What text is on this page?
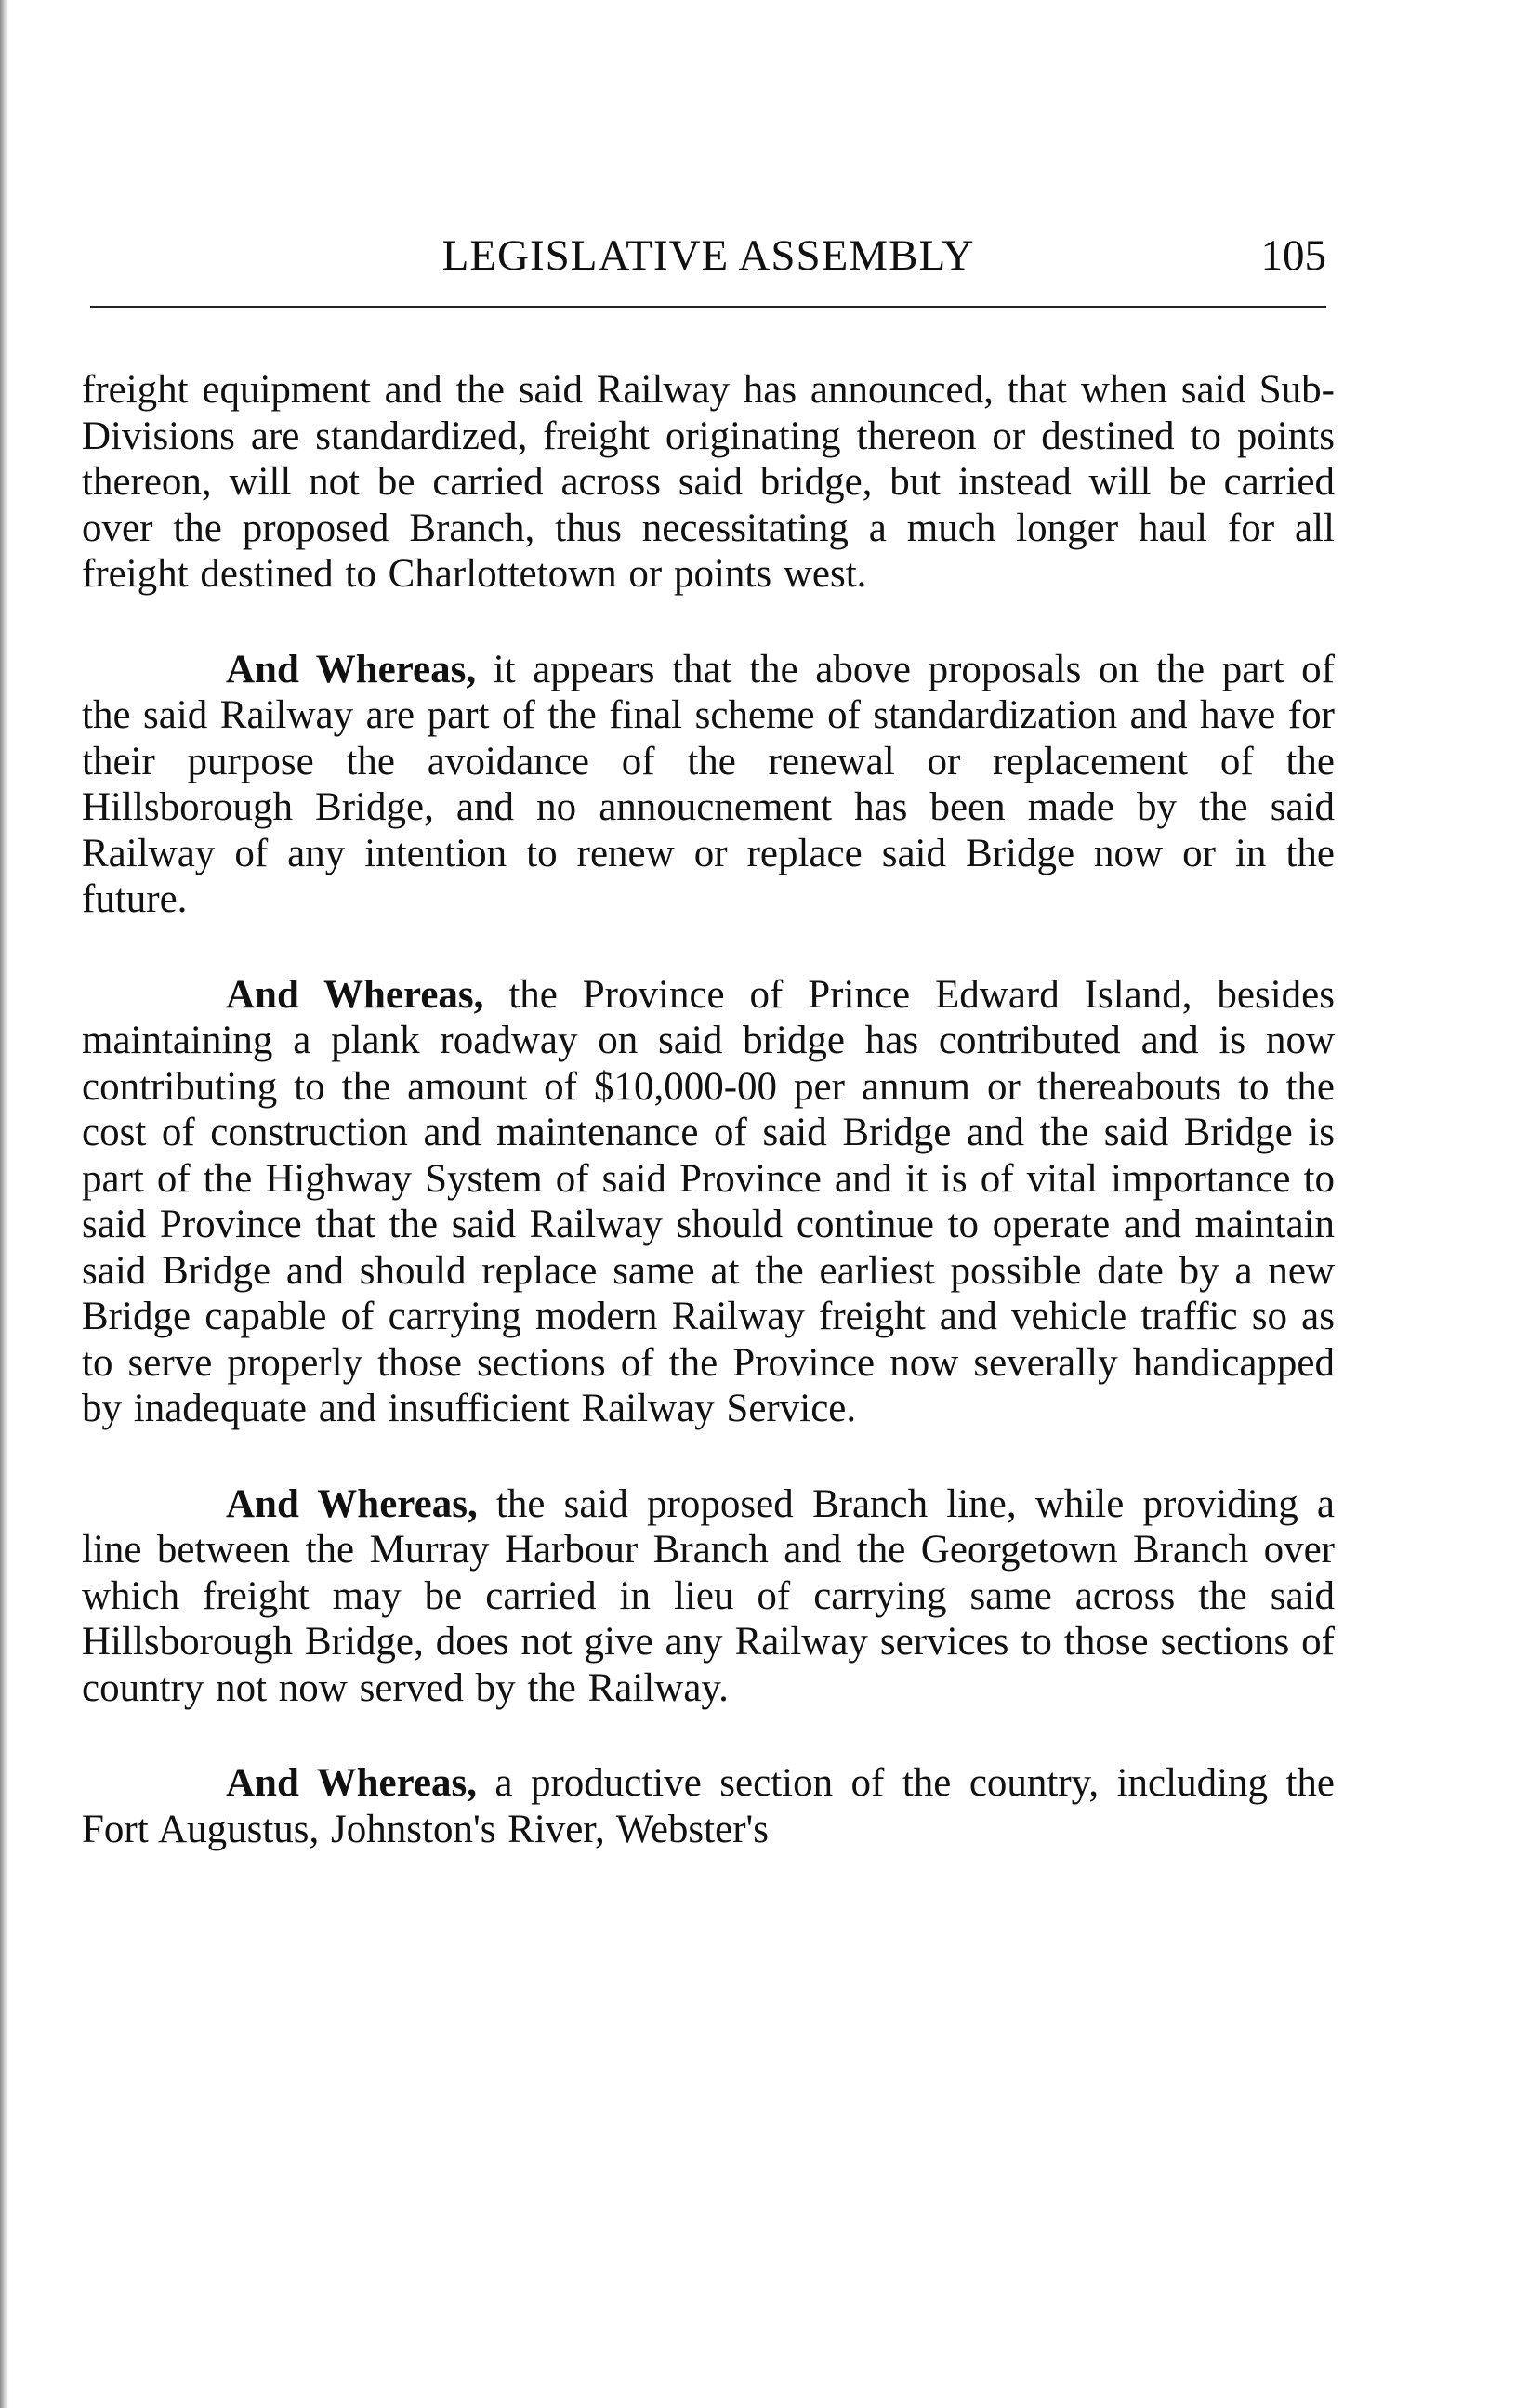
LEGISLATIVE ASSEMBLY	105

freight equipment and the said Railway has announced, that when said Sub-Divisions are standardized, freight originating thereon or destined to points thereon, will not be carried across said bridge, but instead will be carried over the proposed Branch, thus necessitating a much longer haul for all freight destined to Charlottetown or points west.

And Whereas, it appears that the above proposals on the part of the said Railway are part of the final scheme of standardization and have for their purpose the avoidance of the renewal or replacement of the Hillsborough Bridge, and no annoucnement has been made by the said Railway of any intention to renew or replace said Bridge now or in the future.

And Whereas, the Province of Prince Edward Island, besides maintaining a plank roadway on said bridge has contributed and is now contributing to the amount of $10,000-00 per annum or thereabouts to the cost of construction and maintenance of said Bridge and the said Bridge is part of the Highway System of said Province and it is of vital importance to said Province that the said Railway should continue to operate and maintain said Bridge and should replace same at the earliest possible date by a new Bridge capable of carrying modern Railway freight and vehicle traffic so as to serve properly those sections of the Province now severally handicapped by inadequate and insufficient Railway Service.

And Whereas, the said proposed Branch line, while providing a line between the Murray Harbour Branch and the Georgetown Branch over which freight may be carried in lieu of carrying same across the said Hillsborough Bridge, does not give any Railway services to those sections of country not now served by the Railway.

And Whereas, a productive section of the country, including the Fort Augustus, Johnston's River, Webster's
